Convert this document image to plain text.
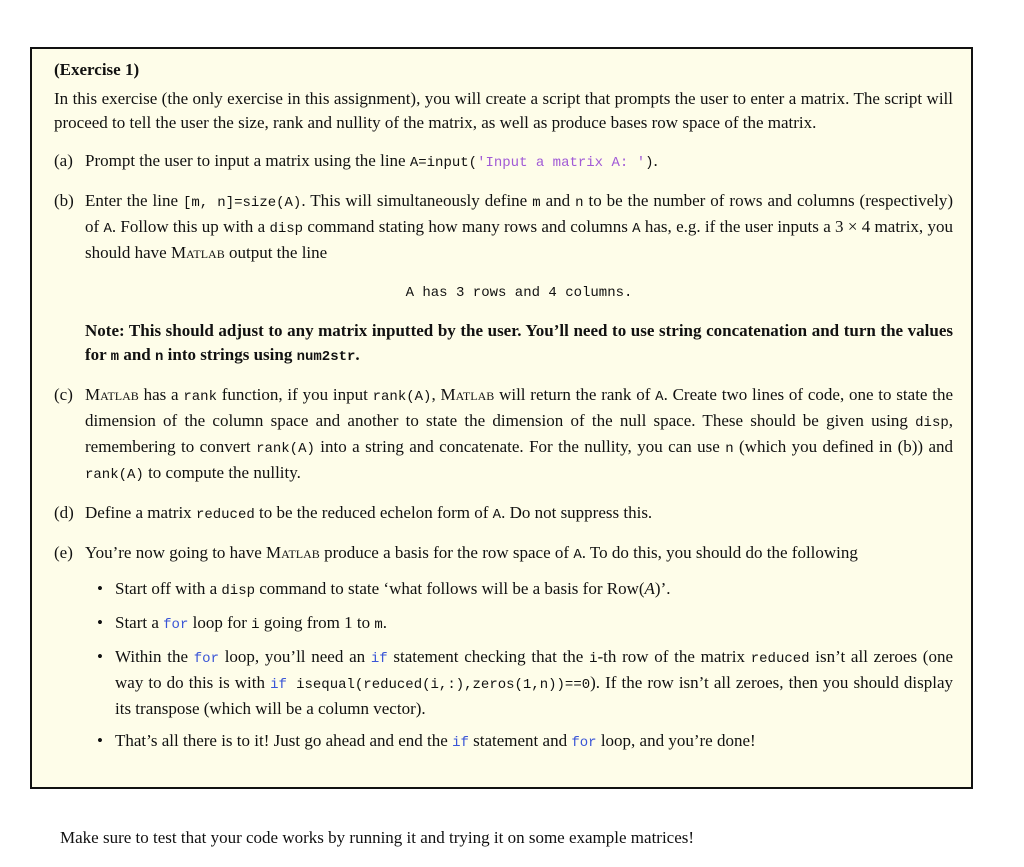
(Exercise 1)

In this exercise (the only exercise in this assignment), you will create a script that prompts the user to enter a matrix. The script will proceed to tell the user the size, rank and nullity of the matrix, as well as produce bases row space of the matrix.

(a) Prompt the user to input a matrix using the line A=input('Input a matrix A: ').
(b) Enter the line [m, n]=size(A). This will simultaneously define m and n to be the number of rows and columns (respectively) of A. Follow this up with a disp command stating how many rows and columns A has, e.g. if the user inputs a 3 × 4 matrix, you should have Matlab output the line
A has 3 rows and 4 columns.
Note: This should adjust to any matrix inputted by the user. You’ll need to use string concatenation and turn the values for m and n into strings using num2str.
(c) Matlab has a rank function, if you input rank(A), Matlab will return the rank of A. Create two lines of code, one to state the dimension of the column space and another to state the dimension of the null space. These should be given using disp, remembering to convert rank(A) into a string and concatenate. For the nullity, you can use n (which you defined in (b)) and rank(A) to compute the nullity.
(d) Define a matrix reduced to be the reduced echelon form of A. Do not suppress this.
(e) You’re now going to have Matlab produce a basis for the row space of A. To do this, you should do the following
• Start off with a disp command to state ‘what follows will be a basis for Row(A)’.
• Start a for loop for i going from 1 to m.
• Within the for loop, you’ll need an if statement checking that the i-th row of the matrix reduced isn’t all zeroes (one way to do this is with if isequal(reduced(i,:),zeros(1,n))==0). If the row isn’t all zeroes, then you should display its transpose (which will be a column vector).
• That’s all there is to it! Just go ahead and end the if statement and for loop, and you’re done!

Make sure to test that your code works by running it and trying it on some example matrices!
